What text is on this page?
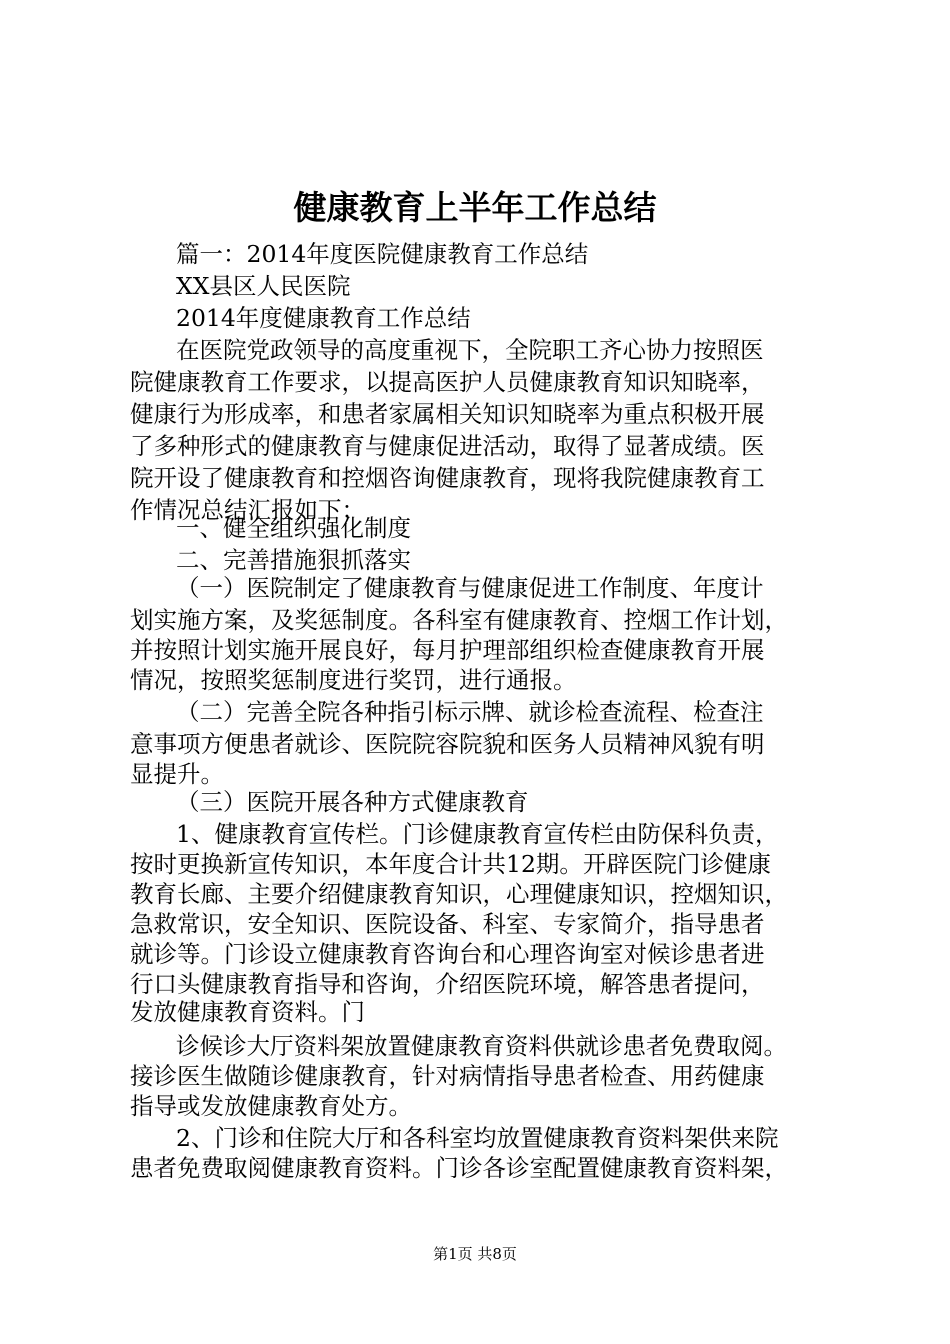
健康教育上半年工作总结
篇一：2014年度医院健康教育工作总结
XX县区人民医院
2014年度健康教育工作总结
在医院党政领导的高度重视下，全院职工齐心协力按照医
院健康教育工作要求，以提高医护人员健康教育知识知晓率，
健康行为形成率，和患者家属相关知识知晓率为重点积极开展
了多种形式的健康教育与健康促进活动，取得了显著成绩。医
院开设了健康教育和控烟咨询健康教育，现将我院健康教育工
作情况总结汇报如下：
一、健全组织强化制度
二、完善措施狠抓落实
（一）医院制定了健康教育与健康促进工作制度、年度计
划实施方案，及奖惩制度。各科室有健康教育、控烟工作计划，
并按照计划实施开展良好，每月护理部组织检查健康教育开展
情况，按照奖惩制度进行奖罚，进行通报。
（二）完善全院各种指引标示牌、就诊检查流程、检查注
意事项方便患者就诊、医院院容院貌和医务人员精神风貌有明
显提升。
（三）医院开展各种方式健康教育
1、健康教育宣传栏。门诊健康教育宣传栏由防保科负责，
按时更换新宣传知识，本年度合计共12期。开辟医院门诊健康
教育长廊、主要介绍健康教育知识，心理健康知识，控烟知识，
急救常识，安全知识、医院设备、科室、专家简介，指导患者
就诊等。门诊设立健康教育咨询台和心理咨询室对候诊患者进
行口头健康教育指导和咨询，介绍医院环境，解答患者提问，
发放健康教育资料。门
诊候诊大厅资料架放置健康教育资料供就诊患者免费取阅。
接诊医生做随诊健康教育，针对病情指导患者检查、用药健康
指导或发放健康教育处方。
2、门诊和住院大厅和各科室均放置健康教育资料架供来院
患者免费取阅健康教育资料。门诊各诊室配置健康教育资料架，
第1页 共8页
